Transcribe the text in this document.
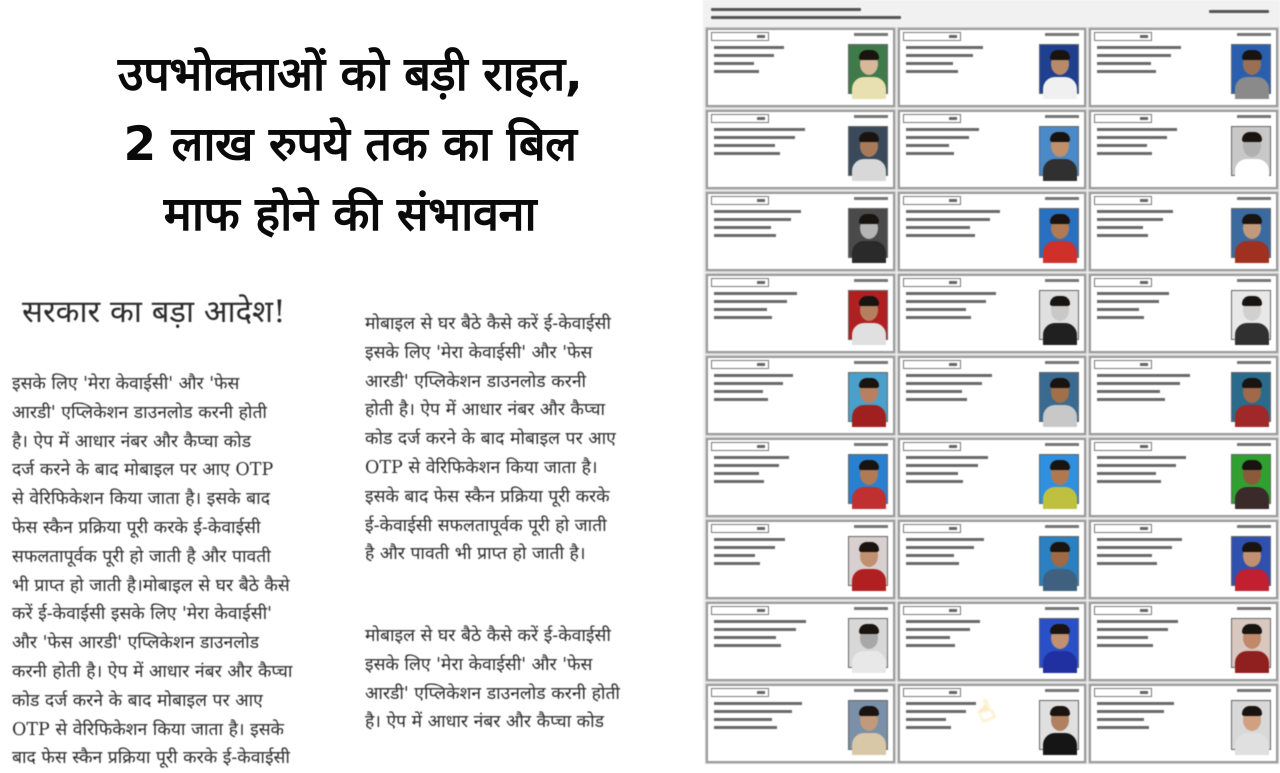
उपभोक्ताओं को बड़ी राहत,
2 लाख रुपये तक का बिल
माफ होने की संभावना
सरकार का बड़ा आदेश!
इसके लिए 'मेरा केवाईसी' और 'फेस
आरडी' एप्लिकेशन डाउनलोड करनी होती
है। ऐप में आधार नंबर और कैप्चा कोड
दर्ज करने के बाद मोबाइल पर आए OTP
से वेरिफिकेशन किया जाता है। इसके बाद
फेस स्कैन प्रक्रिया पूरी करके ई-केवाईसी
सफलतापूर्वक पूरी हो जाती है और पावती
भी प्राप्त हो जाती है।मोबाइल से घर बैठे कैसे
करें ई-केवाईसी इसके लिए 'मेरा केवाईसी'
और 'फेस आरडी' एप्लिकेशन डाउनलोड
करनी होती है। ऐप में आधार नंबर और कैप्चा
कोड दर्ज करने के बाद मोबाइल पर आए
OTP से वेरिफिकेशन किया जाता है। इसके
बाद फेस स्कैन प्रक्रिया पूरी करके ई-केवाईसी
मोबाइल से घर बैठे कैसे करें ई-केवाईसी
इसके लिए 'मेरा केवाईसी' और 'फेस
आरडी' एप्लिकेशन डाउनलोड करनी
होती है। ऐप में आधार नंबर और कैप्चा
कोड दर्ज करने के बाद मोबाइल पर आए
OTP से वेरिफिकेशन किया जाता है।
इसके बाद फेस स्कैन प्रक्रिया पूरी करके
ई-केवाईसी सफलतापूर्वक पूरी हो जाती
है और पावती भी प्राप्त हो जाती है।
मोबाइल से घर बैठे कैसे करें ई-केवाईसी
इसके लिए 'मेरा केवाईसी' और 'फेस
आरडी' एप्लिकेशन डाउनलोड करनी होती
है। ऐप में आधार नंबर और कैप्चा कोड	☝
